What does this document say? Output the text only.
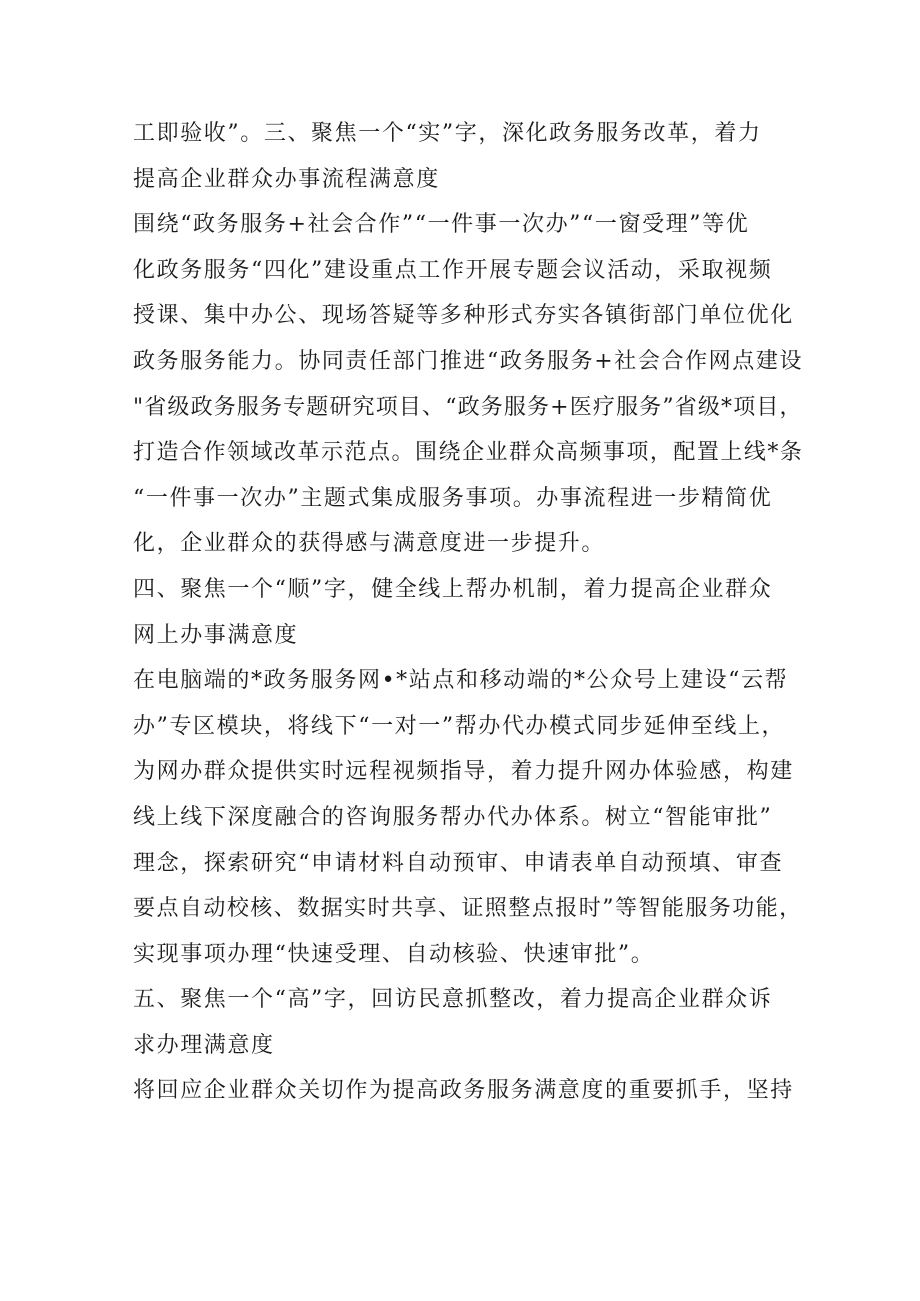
工即验收”。三、聚焦一个“实”字，深化政务服务改革，着力
提高企业群众办事流程满意度
围绕“政务服务+社会合作”“一件事一次办”“一窗受理”等优
化政务服务“四化”建设重点工作开展专题会议活动，采取视频
授课、集中办公、现场答疑等多种形式夯实各镇街部门单位优化
政务服务能力。协同责任部门推进“政务服务+社会合作网点建设
"省级政务服务专题研究项目、“政务服务+医疗服务”省级*项目，
打造合作领域改革示范点。围绕企业群众高频事项，配置上线*条
“一件事一次办”主题式集成服务事项。办事流程进一步精简优
化，企业群众的获得感与满意度进一步提升。
四、聚焦一个“顺”字，健全线上帮办机制，着力提高企业群众
网上办事满意度
在电脑端的*政务服务网•*站点和移动端的*公众号上建设“云帮
办”专区模块，将线下“一对一”帮办代办模式同步延伸至线上，
为网办群众提供实时远程视频指导，着力提升网办体验感，构建
线上线下深度融合的咨询服务帮办代办体系。树立“智能审批”
理念，探索研究“申请材料自动预审、申请表单自动预填、审查
要点自动校核、数据实时共享、证照整点报时”等智能服务功能，
实现事项办理“快速受理、自动核验、快速审批”。
五、聚焦一个“高”字，回访民意抓整改，着力提高企业群众诉
求办理满意度
将回应企业群众关切作为提高政务服务满意度的重要抓手，坚持
